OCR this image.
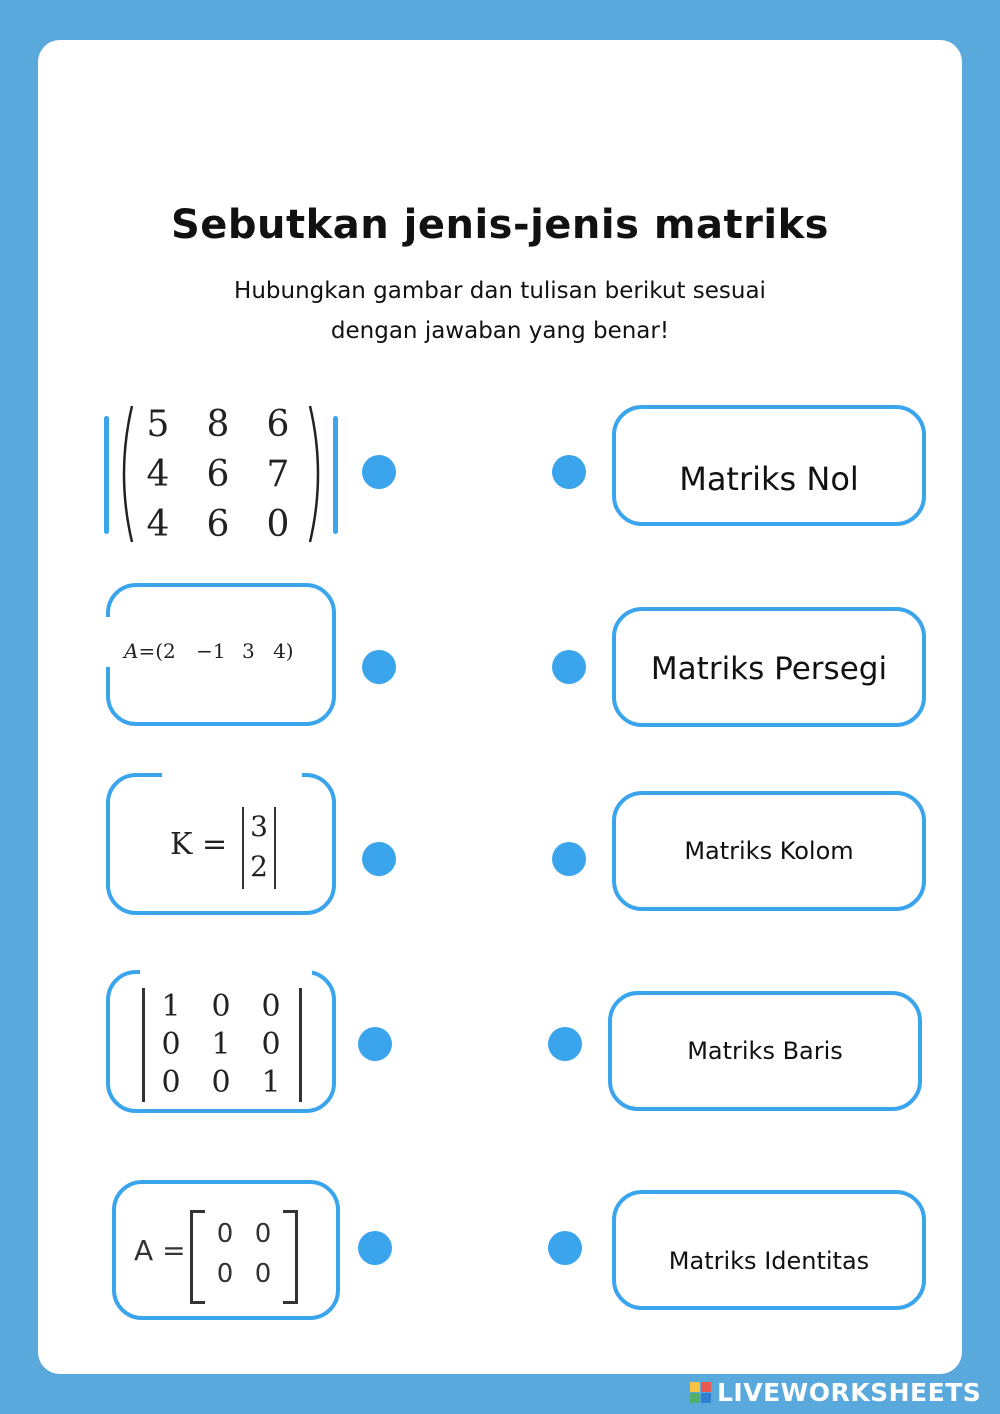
Sebutkan jenis-jenis matriks
Hubungkan gambar dan tulisan berikut sesuai
dengan jawaban yang benar!
5	8	6
4	6	7
4	6	0
A=(2 −1 3 4)
K =
3
2
1	0	0
0	1	0
0	0	1
A =	0 0
0 0
Matriks Nol
Matriks Persegi
Matriks Kolom
Matriks Baris
Matriks Identitas
LIVEWORKSHEETS
